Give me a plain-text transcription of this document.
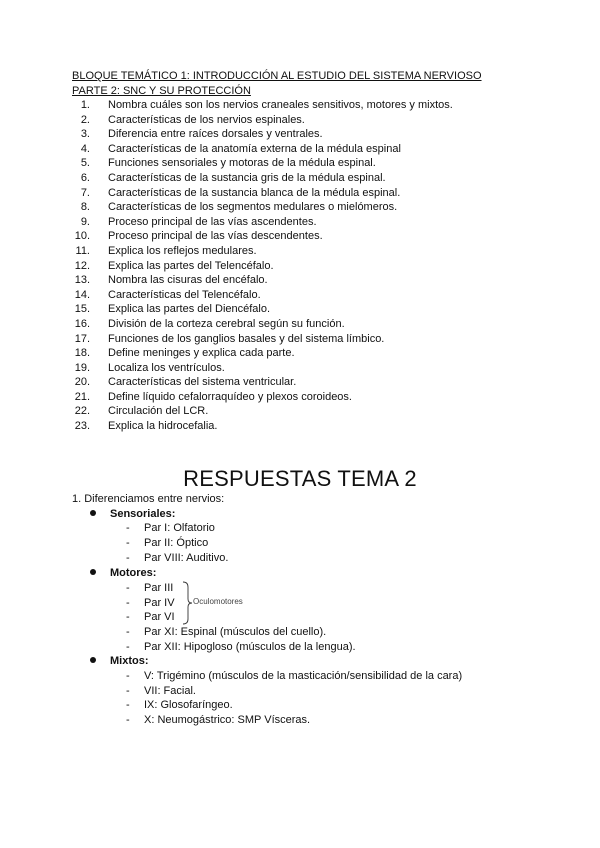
BLOQUE TEMÁTICO 1: INTRODUCCIÓN AL ESTUDIO DEL SISTEMA NERVIOSO
PARTE 2: SNC Y SU PROTECCIÓN
1. Nombra cuáles son los nervios craneales sensitivos, motores y mixtos.
2. Características de los nervios espinales.
3. Diferencia entre raíces dorsales y ventrales.
4. Características de la anatomía externa de la médula espinal
5. Funciones sensoriales y motoras de la médula espinal.
6. Características de la sustancia gris de la médula espinal.
7. Características de la sustancia blanca de la médula espinal.
8. Características de los segmentos medulares o mielómeros.
9. Proceso principal de las vías ascendentes.
10. Proceso principal de las vías descendentes.
11. Explica los reflejos medulares.
12. Explica las partes del Telencéfalo.
13. Nombra las cisuras del encéfalo.
14. Características del Telencéfalo.
15. Explica las partes del Diencéfalo.
16. División de la corteza cerebral según su función.
17. Funciones de los ganglios basales y del sistema límbico.
18. Define meninges y explica cada parte.
19. Localiza los ventrículos.
20. Características del sistema ventricular.
21. Define líquido cefalorraquídeo y plexos coroideos.
22. Circulación del LCR.
23. Explica la hidrocefalia.
RESPUESTAS TEMA 2
1. Diferenciamos entre nervios:
Sensoriales:
- Par I: Olfatorio
- Par II: Óptico
- Par VIII: Auditivo.
Motores:
- Par III
- Par IV
- Par VI
- Par XI: Espinal (músculos del cuello).
- Par XII: Hipogloso (músculos de la lengua).
Oculomotores
Mixtos:
- V: Trigémino (músculos de la masticación/sensibilidad de la cara)
- VII: Facial.
- IX: Glosofaríngeo.
- X: Neumogástrico: SMP Vísceras.
